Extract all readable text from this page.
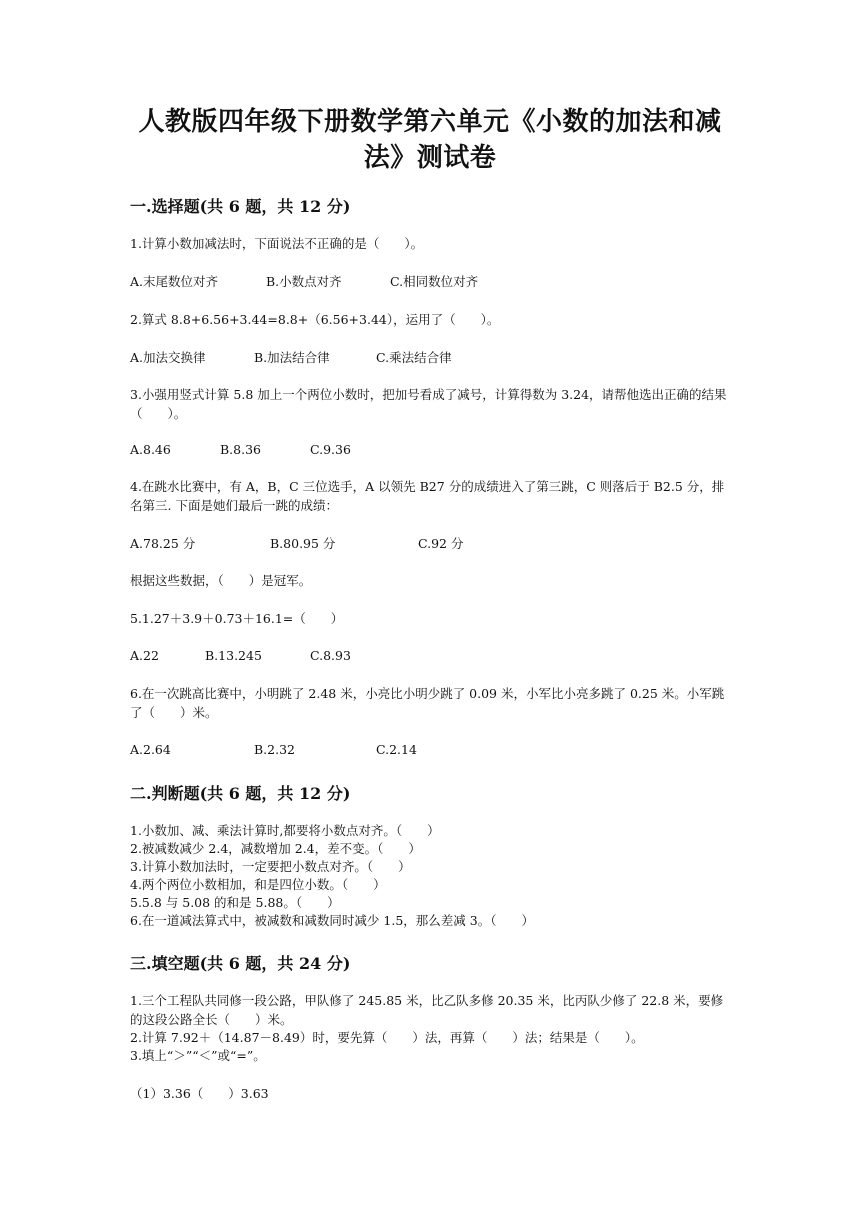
人教版四年级下册数学第六单元《小数的加法和减法》测试卷
一.选择题(共 6 题，共 12 分)
1.计算小数加减法时，下面说法不正确的是（　　）。
A.末尾数位对齐	B.小数点对齐	C.相同数位对齐
2.算式 8.8+6.56+3.44=8.8+（6.56+3.44），运用了（　　）。
A.加法交换律	B.加法结合律	C.乘法结合律
3.小强用竖式计算 5.8 加上一个两位小数时，把加号看成了减号，计算得数为 3.24，请帮他选出正确的结果（　　）。
A.8.46	B.8.36	C.9.36
4.在跳水比赛中，有 A，B，C 三位选手，A 以领先 B27 分的成绩进入了第三跳，C 则落后于 B2.5 分，排名第三. 下面是她们最后一跳的成绩：
A.78.25 分	B.80.95 分	C.92 分
根据这些数据，（　　）是冠军。
5.1.27＋3.9＋0.73＋16.1=（　　）
A.22	B.13.245	C.8.93
6.在一次跳高比赛中，小明跳了 2.48 米，小亮比小明少跳了 0.09 米，小军比小亮多跳了 0.25 米。小军跳了（　　）米。
A.2.64	B.2.32	C.2.14
二.判断题(共 6 题，共 12 分)
1.小数加、减、乘法计算时,都要将小数点对齐。（　　）
2.被减数减少 2.4，减数增加 2.4，差不变。（　　）
3.计算小数加法时，一定要把小数点对齐。（　　）
4.两个两位小数相加，和是四位小数。（　　）
5.5.8 与 5.08 的和是 5.88。（　　）
6.在一道减法算式中，被减数和减数同时减少 1.5，那么差减 3。（　　）
三.填空题(共 6 题，共 24 分)
1.三个工程队共同修一段公路，甲队修了 245.85 米，比乙队多修 20.35 米，比丙队少修了 22.8 米，要修的这段公路全长（　　）米。
2.计算 7.92＋（14.87－8.49）时，要先算（　　）法，再算（　　）法；结果是（　　）。
3.填上“＞”“＜”或“=”。
（1）3.36（　　）3.63
